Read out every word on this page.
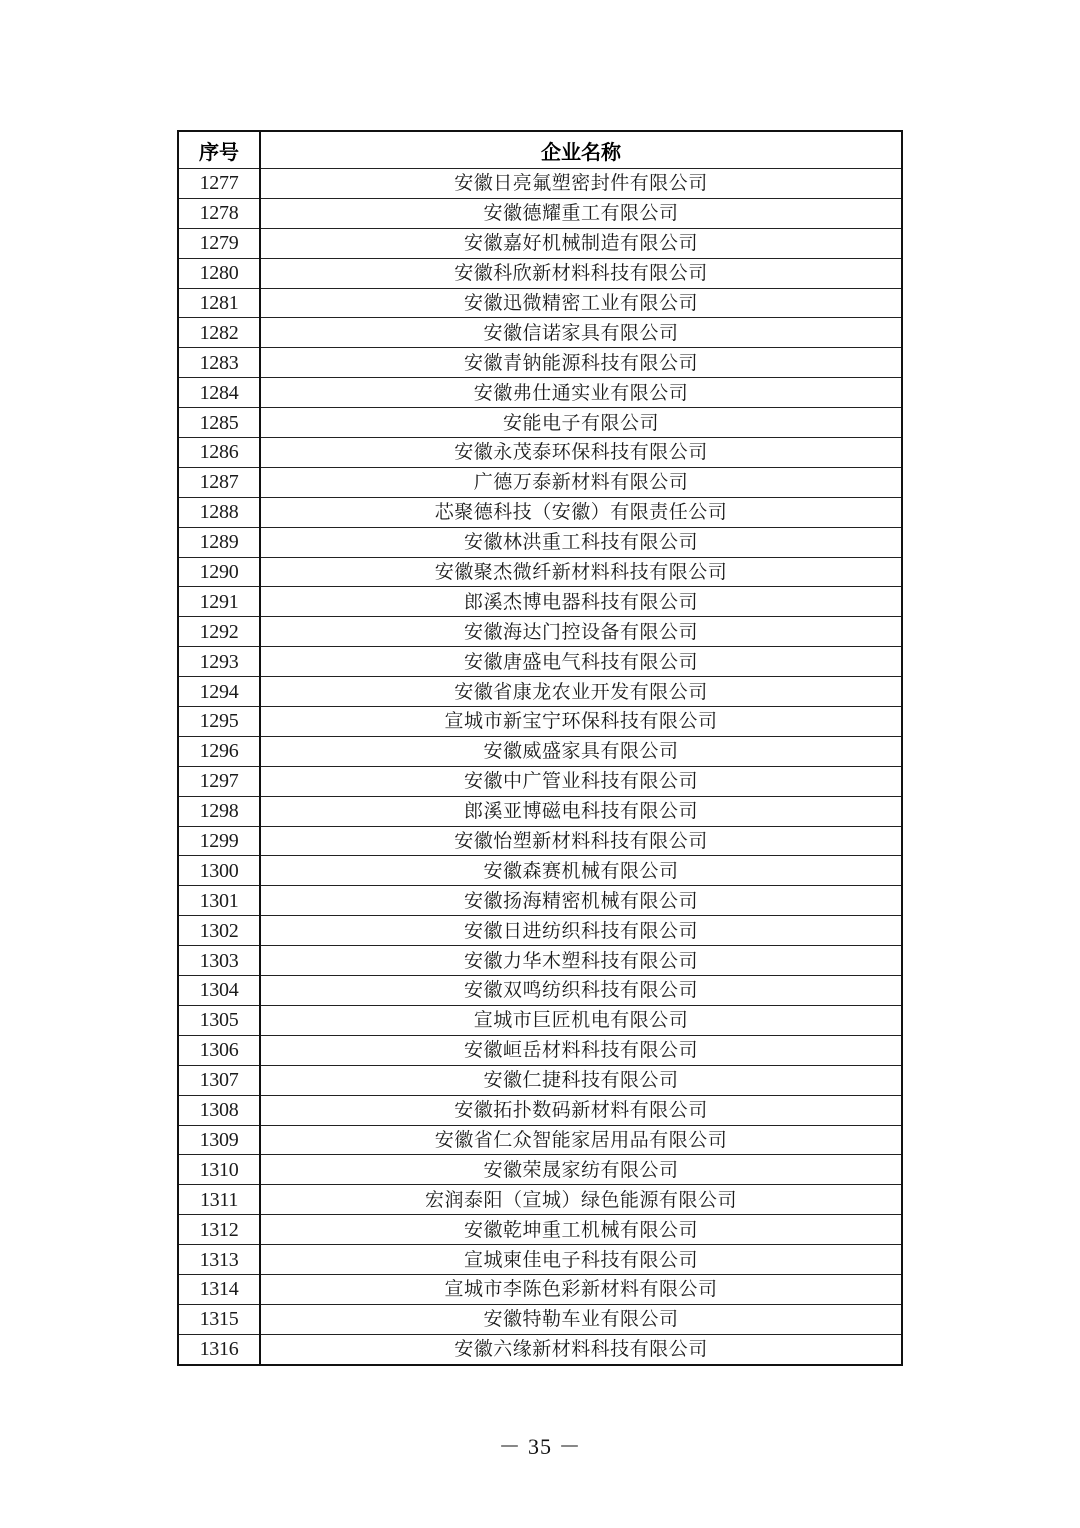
序号	企业名称
1277	安徽日亮氟塑密封件有限公司
1278	安徽德耀重工有限公司
1279	安徽嘉好机械制造有限公司
1280	安徽科欣新材料科技有限公司
1281	安徽迅微精密工业有限公司
1282	安徽信诺家具有限公司
1283	安徽青钠能源科技有限公司
1284	安徽弗仕通实业有限公司
1285	安能电子有限公司
1286	安徽永茂泰环保科技有限公司
1287	广德万泰新材料有限公司
1288	芯聚德科技（安徽）有限责任公司
1289	安徽林洪重工科技有限公司
1290	安徽聚杰微纤新材料科技有限公司
1291	郎溪杰博电器科技有限公司
1292	安徽海达门控设备有限公司
1293	安徽唐盛电气科技有限公司
1294	安徽省康龙农业开发有限公司
1295	宣城市新宝宁环保科技有限公司
1296	安徽威盛家具有限公司
1297	安徽中广管业科技有限公司
1298	郎溪亚博磁电科技有限公司
1299	安徽怡塑新材料科技有限公司
1300	安徽森赛机械有限公司
1301	安徽扬海精密机械有限公司
1302	安徽日进纺织科技有限公司
1303	安徽力华木塑科技有限公司
1304	安徽双鸣纺织科技有限公司
1305	宣城市巨匠机电有限公司
1306	安徽峘岳材料科技有限公司
1307	安徽仁捷科技有限公司
1308	安徽拓扑数码新材料有限公司
1309	安徽省仁众智能家居用品有限公司
1310	安徽荣晟家纺有限公司
1311	宏润泰阳（宣城）绿色能源有限公司
1312	安徽乾坤重工机械有限公司
1313	宣城柬佳电子科技有限公司
1314	宣城市李陈色彩新材料有限公司
1315	安徽特勒车业有限公司
1316	安徽六缘新材料科技有限公司
－ 35 －
